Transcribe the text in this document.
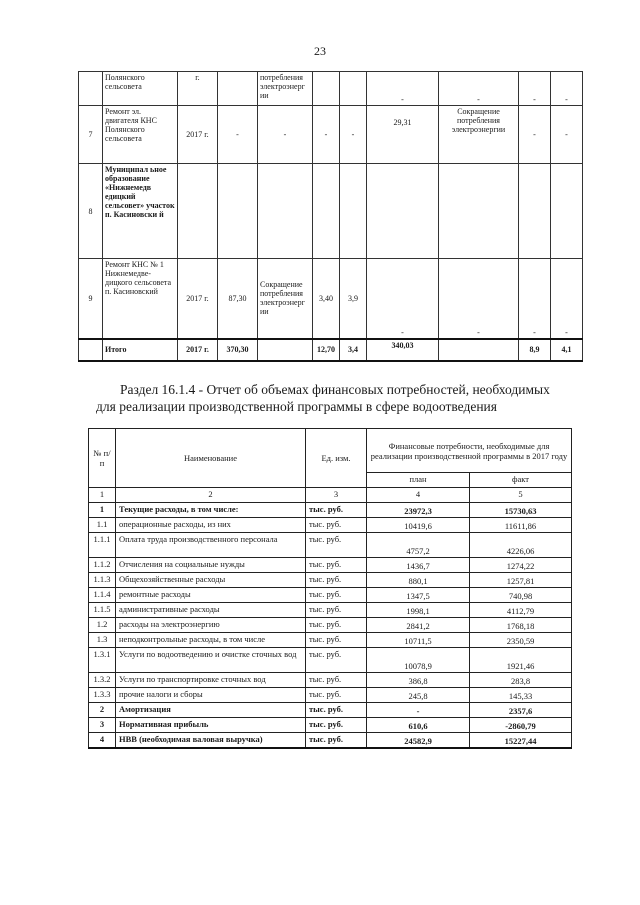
23
	Полянского сельсовета	г.		потребления электроэнерг ии			-	-	-	-
7	Ремонт эл. двигателя КНС Полянского сельсовета	2017 г.	-	-	-	-	29,31	Сокращение потребления электроэнергии	-	-
8	Муниципал ьное образование «Нижнемедв едицкий сельсовет» участок п. Касиновски й									
9	Ремонт КНС № 1 Нижнемедве-дицкого сельсовета п. Касиновский	2017 г.	87,30	Сокращение потребления электроэнерг ии	3,40	3,9	-	-	-	-
	Итого	2017 г.	370,30		12,70	3,4	340,03		8,9	4,1
Раздел 16.1.4 - Отчет об объемах финансовых потребностей, необходимых
для реализации производственной программы в сфере водоотведения
№ п/п	Наименование	Ед. изм.	Финансовые потребности, необходимые для реализации производственной программы в 2017 году	
			план	факт
1	2	3	4	5
1	Текущие расходы, в том числе:	тыс. руб.	23972,3	15730,63
1.1	операционные расходы, из них	тыс. руб.	10419,6	11611,86
1.1.1	Оплата труда производственного персонала	тыс. руб.	4757,2	4226,06
1.1.2	Отчисления на социальные нужды	тыс. руб.	1436,7	1274,22
1.1.3	Общехозяйственные расходы	тыс. руб.	880,1	1257,81
1.1.4	ремонтные расходы	тыс. руб.	1347,5	740,98
1.1.5	административные расходы	тыс. руб.	1998,1	4112,79
1.2	расходы на электроэнергию	тыс. руб.	2841,2	1768,18
1.3	неподконтрольные расходы, в том числе	тыс. руб.	10711,5	2350,59
1.3.1	Услуги по водоотведению и очистке сточных вод	тыс. руб.	10078,9	1921,46
1.3.2	Услуги по транспортировке сточных вод	тыс. руб.	386,8	283,8
1.3.3	прочие налоги и сборы	тыс. руб.	245,8	145,33
2	Амортизация	тыс. руб.	-	2357,6
3	Нормативная прибыль	тыс. руб.	610,6	-2860,79
4	НВВ (необходимая валовая выручка)	тыс. руб.	24582,9	15227,44
